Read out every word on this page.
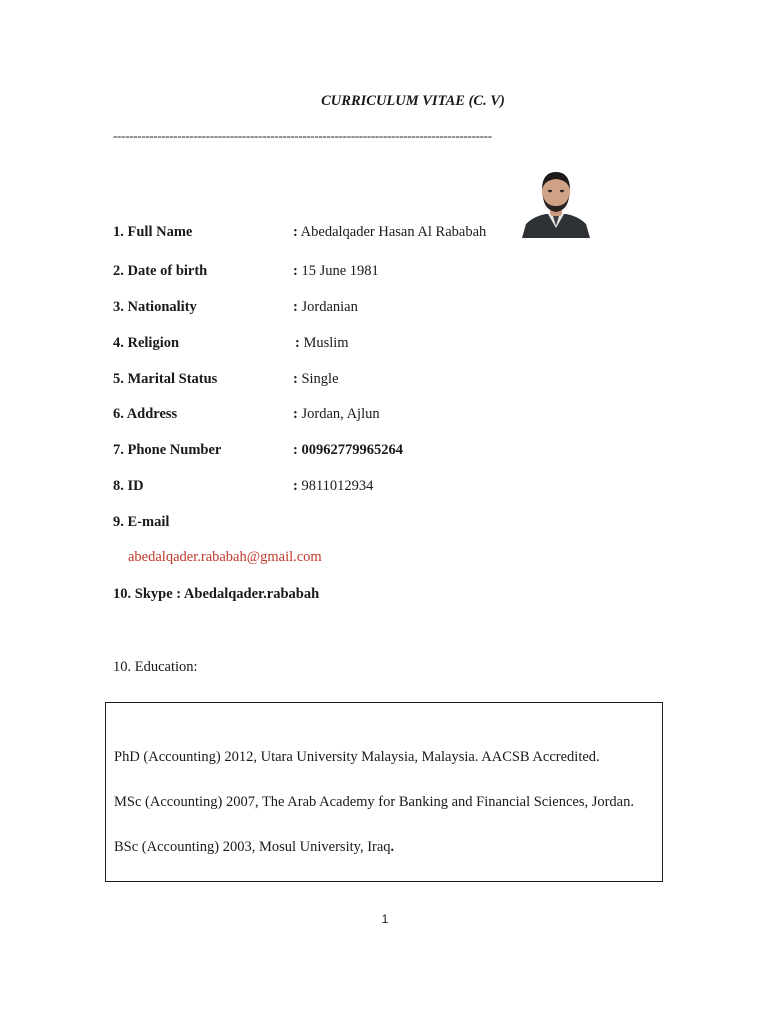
CURRICULUM VITAE (C. V)
----------------------------------------------------------------------------------------------
1. Full Name	: Abedalqader Hasan Al Rababah
2. Date of birth	: 15 June 1981
3. Nationality	: Jordanian
4. Religion	: Muslim
5. Marital Status	: Single
6. Address	: Jordan, Ajlun
7. Phone Number	: 00962779965264
8. ID	: 9811012934
9. E-mail
abedalqader.rababah@gmail.com
10. Skype : Abedalqader.rababah
10. Education:
PhD (Accounting) 2012, Utara University Malaysia, Malaysia. AACSB Accredited.
MSc (Accounting) 2007, The Arab Academy for Banking and Financial Sciences, Jordan.
BSc (Accounting) 2003, Mosul University, Iraq.
1
